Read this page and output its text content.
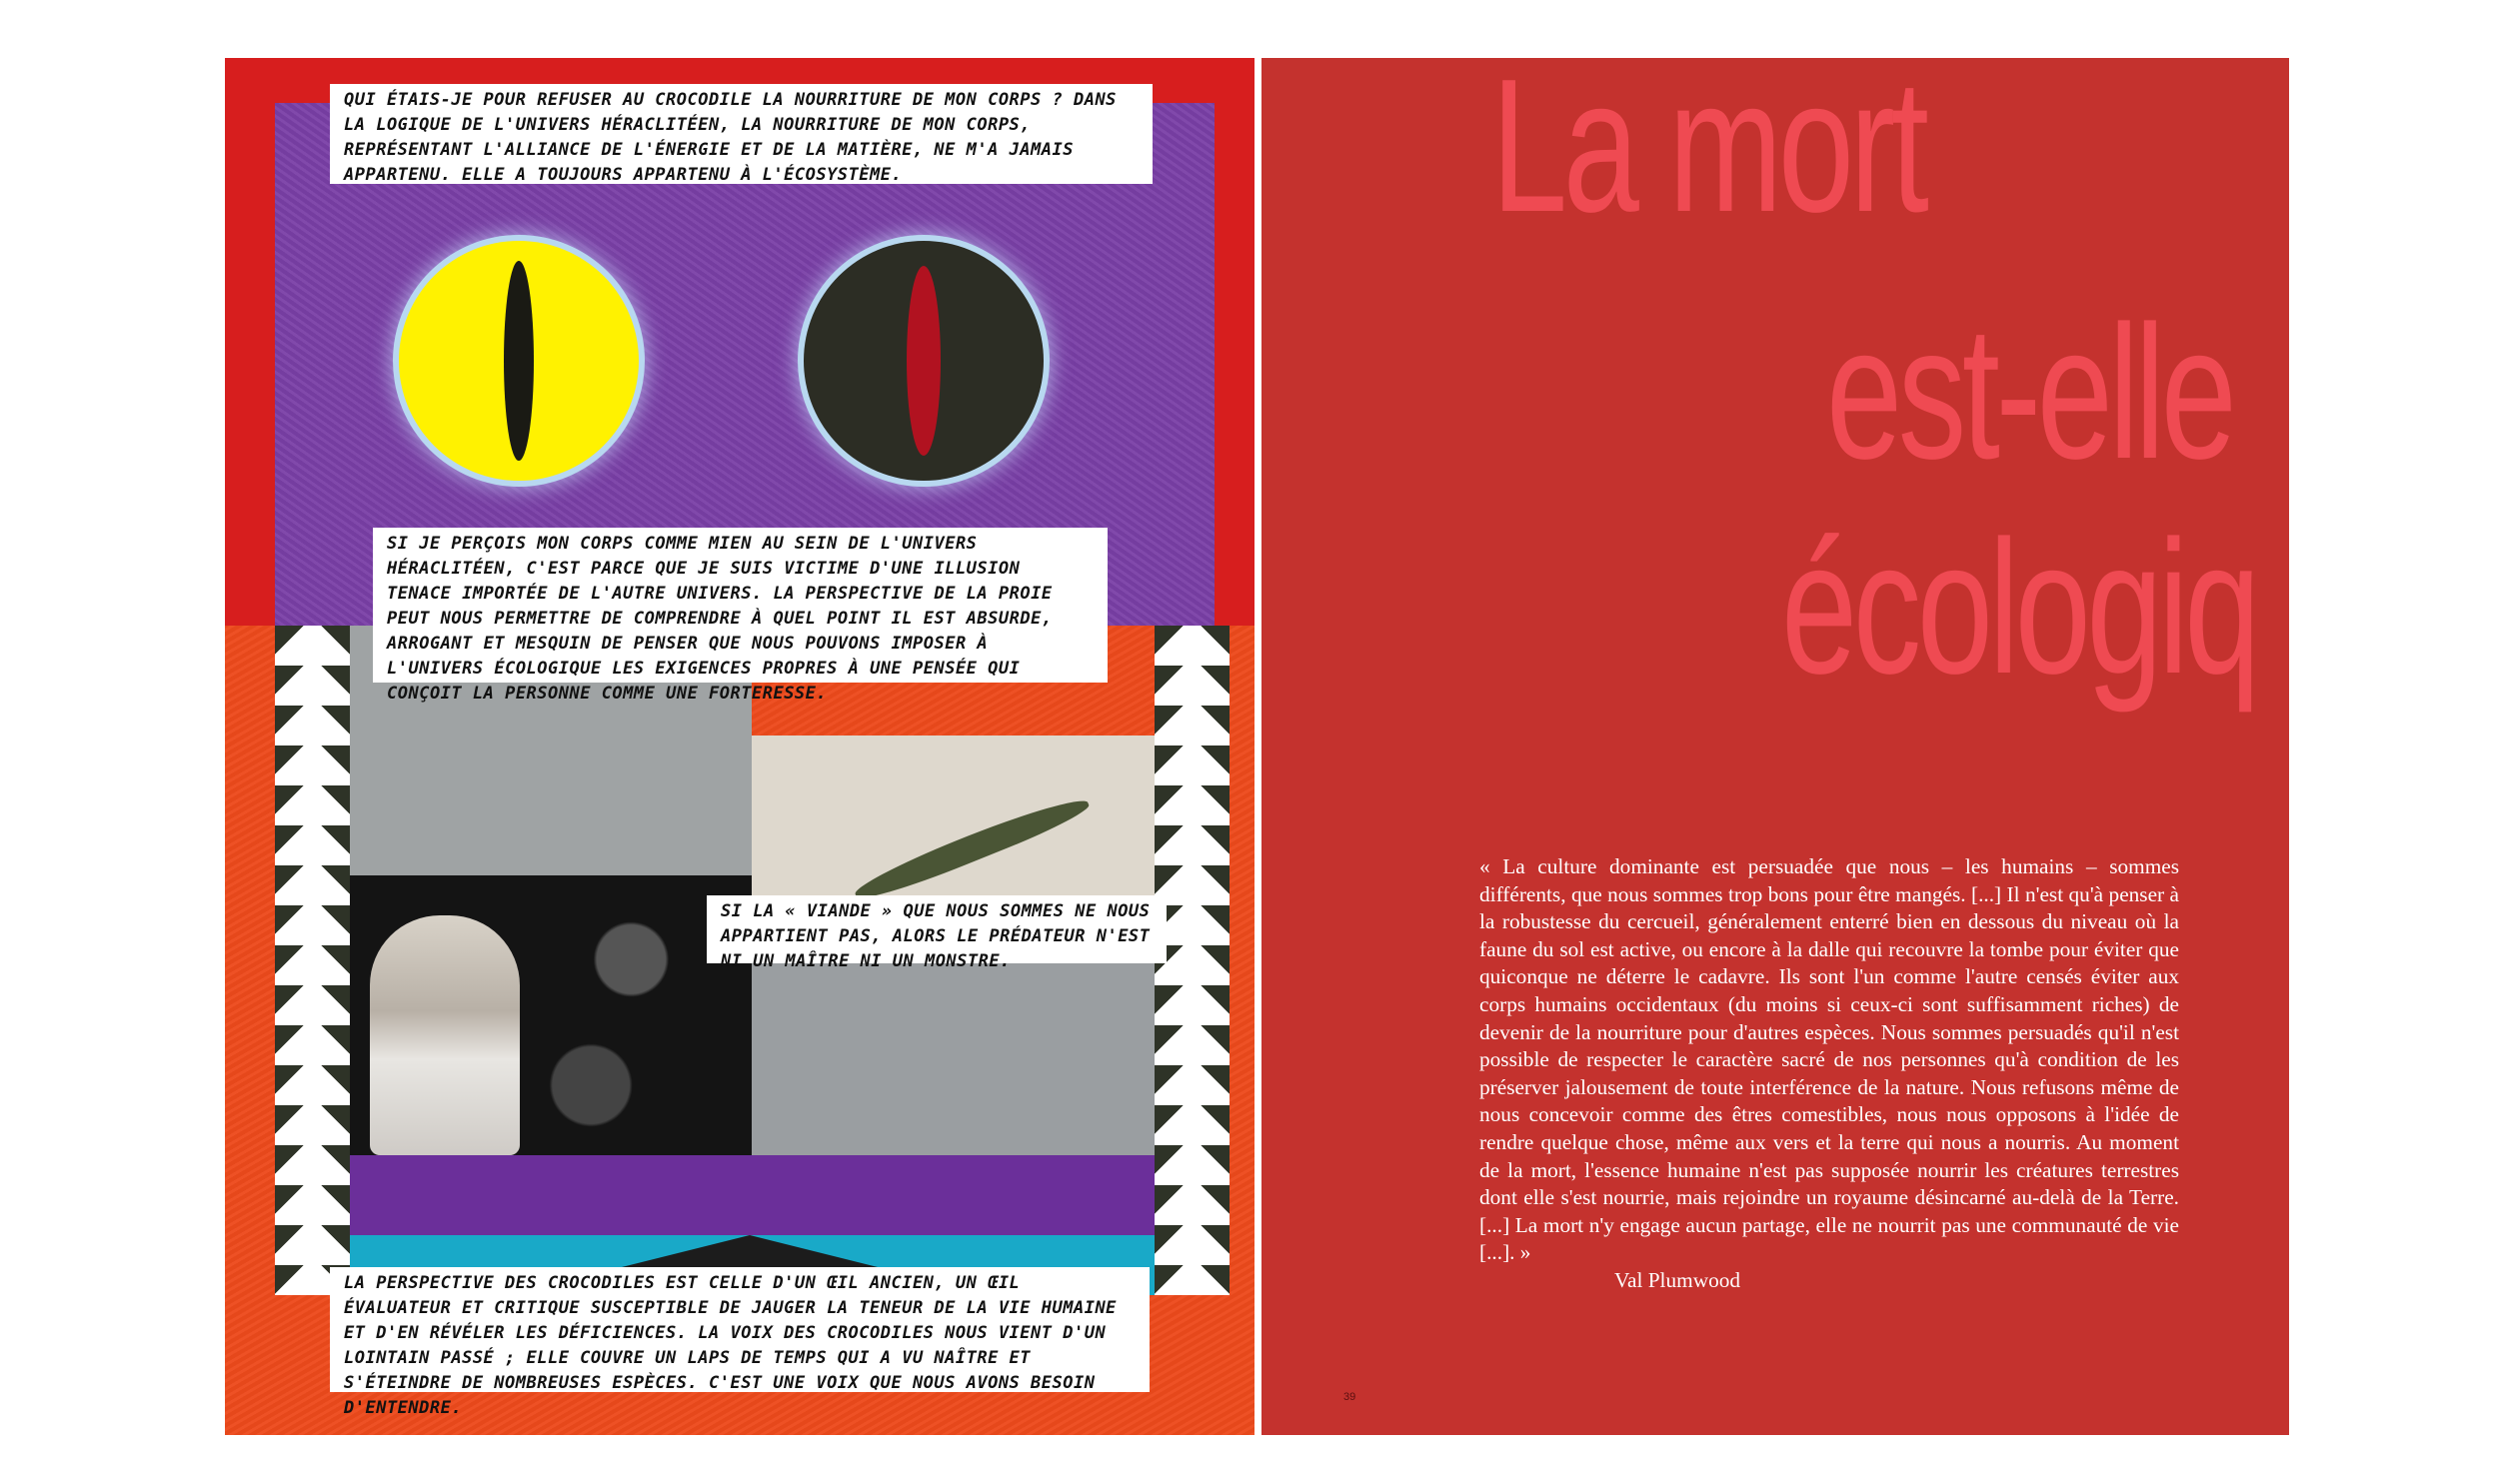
QUI ÉTAIS-JE POUR REFUSER AU CROCODILE LA NOURRITURE DE MON CORPS ? DANS LA LOGIQUE DE L'UNIVERS HÉRACLITÉEN, LA NOURRITURE DE MON CORPS, REPRÉSENTANT L'ALLIANCE DE L'ÉNERGIE ET DE LA MATIÈRE, NE M'A JAMAIS APPARTENU. ELLE A TOUJOURS APPARTENU À L'ÉCOSYSTÈME.
SI JE PERÇOIS MON CORPS COMME MIEN AU SEIN DE L'UNIVERS HÉRACLITÉEN, C'EST PARCE QUE JE SUIS VICTIME D'UNE ILLUSION TENACE IMPORTÉE DE L'AUTRE UNIVERS. LA PERSPECTIVE DE LA PROIE PEUT NOUS PERMETTRE DE COMPRENDRE À QUEL POINT IL EST ABSURDE, ARROGANT ET MESQUIN DE PENSER QUE NOUS POUVONS IMPOSER À L'UNIVERS ÉCOLOGIQUE LES EXIGENCES PROPRES À UNE PENSÉE QUI CONÇOIT LA PERSONNE COMME UNE FORTERESSE.
SI LA « VIANDE » QUE NOUS SOMMES NE NOUS APPARTIENT PAS, ALORS LE PRÉDATEUR N'EST NI UN MAÎTRE NI UN MONSTRE.
LA PERSPECTIVE DES CROCODILES EST CELLE D'UN ŒIL ANCIEN, UN ŒIL ÉVALUATEUR ET CRITIQUE SUSCEPTIBLE DE JAUGER LA TENEUR DE LA VIE HUMAINE ET D'EN RÉVÉLER LES DÉFICIENCES. LA VOIX DES CROCODILES NOUS VIENT D'UN LOINTAIN PASSÉ ; ELLE COUVRE UN LAPS DE TEMPS QUI A VU NAÎTRE ET S'ÉTEINDRE DE NOMBREUSES ESPÈCES. C'EST UNE VOIX QUE NOUS AVONS BESOIN D'ENTENDRE.
La mort
est-elle
écologiq

« La culture dominante est persuadée que nous – les humains – sommes différents, que nous sommes trop bons pour être mangés. [...] Il n'est qu'à penser à la robustesse du cercueil, généralement enterré bien en dessous du niveau où la faune du sol est active, ou encore à la dalle qui recouvre la tombe pour éviter que quiconque ne déterre le cadavre. Ils sont l'un comme l'autre censés éviter aux corps humains occidentaux (du moins si ceux-ci sont suffisamment riches) de devenir de la nourriture pour d'autres espèces. Nous sommes persuadés qu'il n'est possible de respecter le caractère sacré de nos personnes qu'à condition de les préserver jalousement de toute interférence de la nature. Nous refusons même de nous concevoir comme des êtres comestibles, nous nous opposons à l'idée de rendre quelque chose, même aux vers et la terre qui nous a nourris. Au moment de la mort, l'essence humaine n'est pas supposée nourrir les créatures terrestres dont elle s'est nourrie, mais rejoindre un royaume désincarné au-delà de la Terre. [...] La mort n'y engage aucun partage, elle ne nourrit pas une communauté de vie [...]. »

Val Plumwood

39
